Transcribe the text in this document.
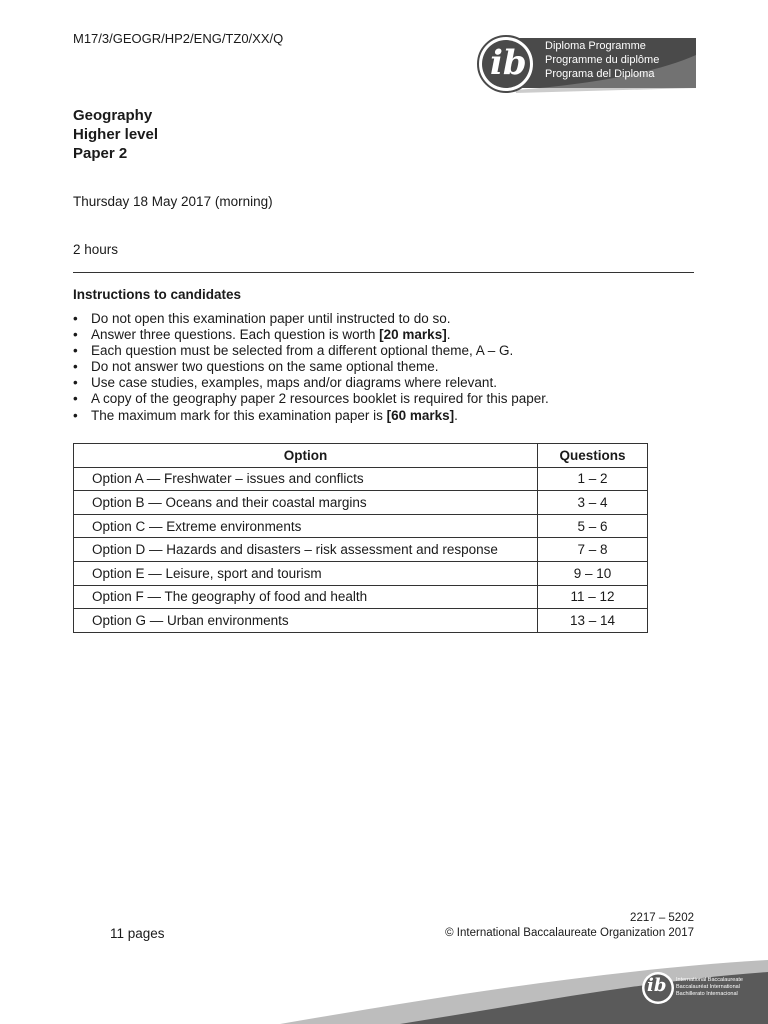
M17/3/GEOGR/HP2/ENG/TZ0/XX/Q
ib Diploma Programme
Programme du diplôme
Programa del Diploma
Geography
Higher level
Paper 2
Thursday 18 May 2017 (morning)
2 hours
Instructions to candidates
• Do not open this examination paper until instructed to do so.
• Answer three questions. Each question is worth [20 marks].
• Each question must be selected from a different optional theme, A – G.
• Do not answer two questions on the same optional theme.
• Use case studies, examples, maps and/or diagrams where relevant.
• A copy of the geography paper 2 resources booklet is required for this paper.
• The maximum mark for this examination paper is [60 marks].
Option	Questions
Option A — Freshwater – issues and conflicts	1 – 2
Option B — Oceans and their coastal margins	3 – 4
Option C — Extreme environments	5 – 6
Option D — Hazards and disasters – risk assessment and response	7 – 8
Option E — Leisure, sport and tourism	9 – 10
Option F — The geography of food and health	11 – 12
Option G — Urban environments	13 – 14
2217 – 5202
11 pages	© International Baccalaureate Organization 2017
ib International Baccalaureate
Baccalauréat International
Bachillerato Internacional
